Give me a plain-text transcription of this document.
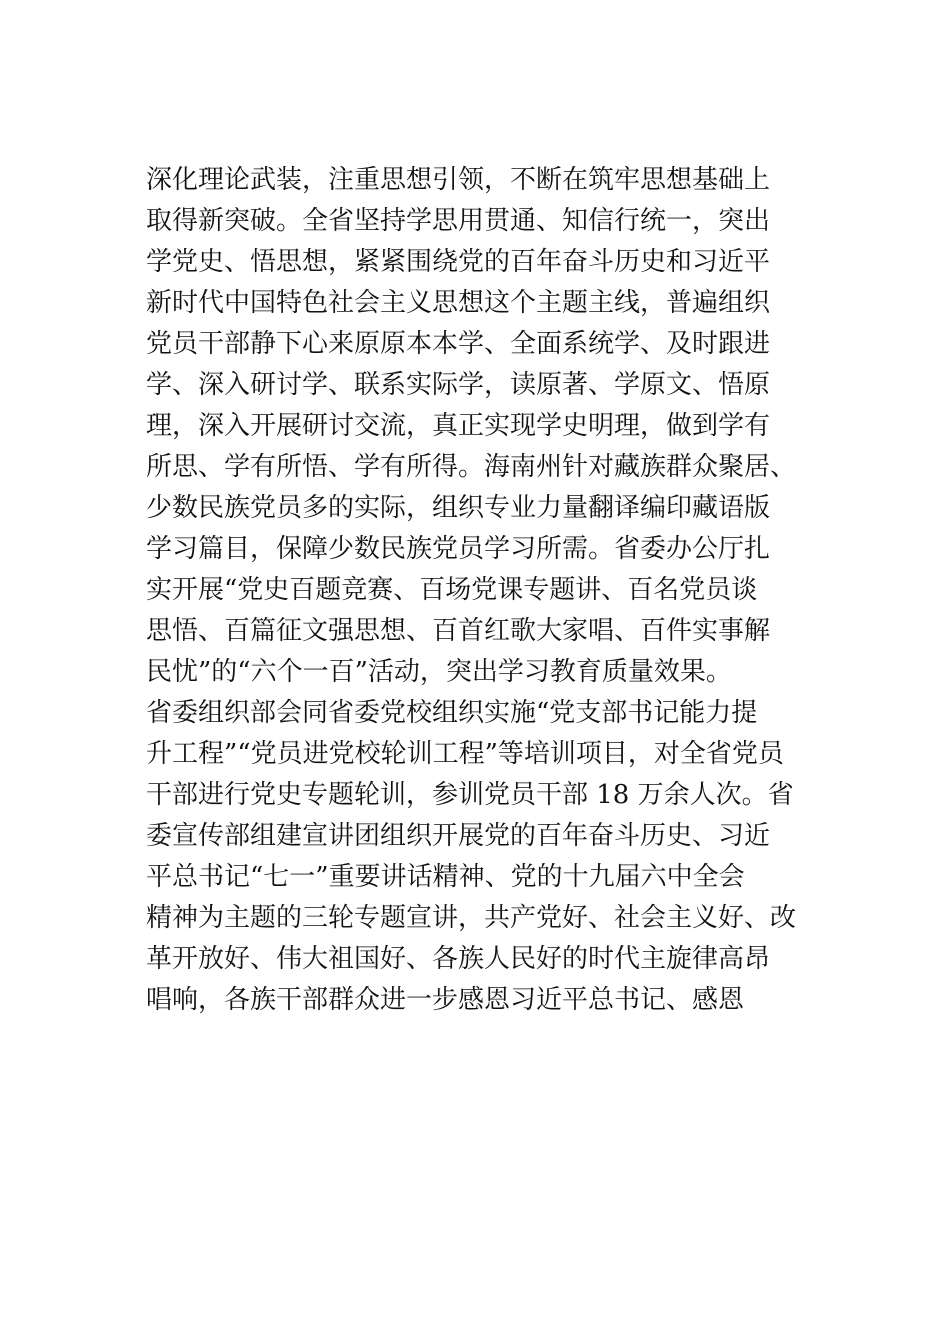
深化理论武装，注重思想引领，不断在筑牢思想基础上
取得新突破。全省坚持学思用贯通、知信行统一，突出
学党史、悟思想，紧紧围绕党的百年奋斗历史和习近平
新时代中国特色社会主义思想这个主题主线，普遍组织
党员干部静下心来原原本本学、全面系统学、及时跟进
学、深入研讨学、联系实际学，读原著、学原文、悟原
理，深入开展研讨交流，真正实现学史明理，做到学有
所思、学有所悟、学有所得。海南州针对藏族群众聚居、
少数民族党员多的实际，组织专业力量翻译编印藏语版
学习篇目，保障少数民族党员学习所需。省委办公厅扎
实开展“党史百题竞赛、百场党课专题讲、百名党员谈
思悟、百篇征文强思想、百首红歌大家唱、百件实事解
民忧”的“六个一百”活动，突出学习教育质量效果。
省委组织部会同省委党校组织实施“党支部书记能力提
升工程”“党员进党校轮训工程”等培训项目，对全省党员
干部进行党史专题轮训，参训党员干部 18 万余人次。省
委宣传部组建宣讲团组织开展党的百年奋斗历史、习近
平总书记“七一”重要讲话精神、党的十九届六中全会
精神为主题的三轮专题宣讲，共产党好、社会主义好、改
革开放好、伟大祖国好、各族人民好的时代主旋律高昂
唱响，各族干部群众进一步感恩习近平总书记、感恩
